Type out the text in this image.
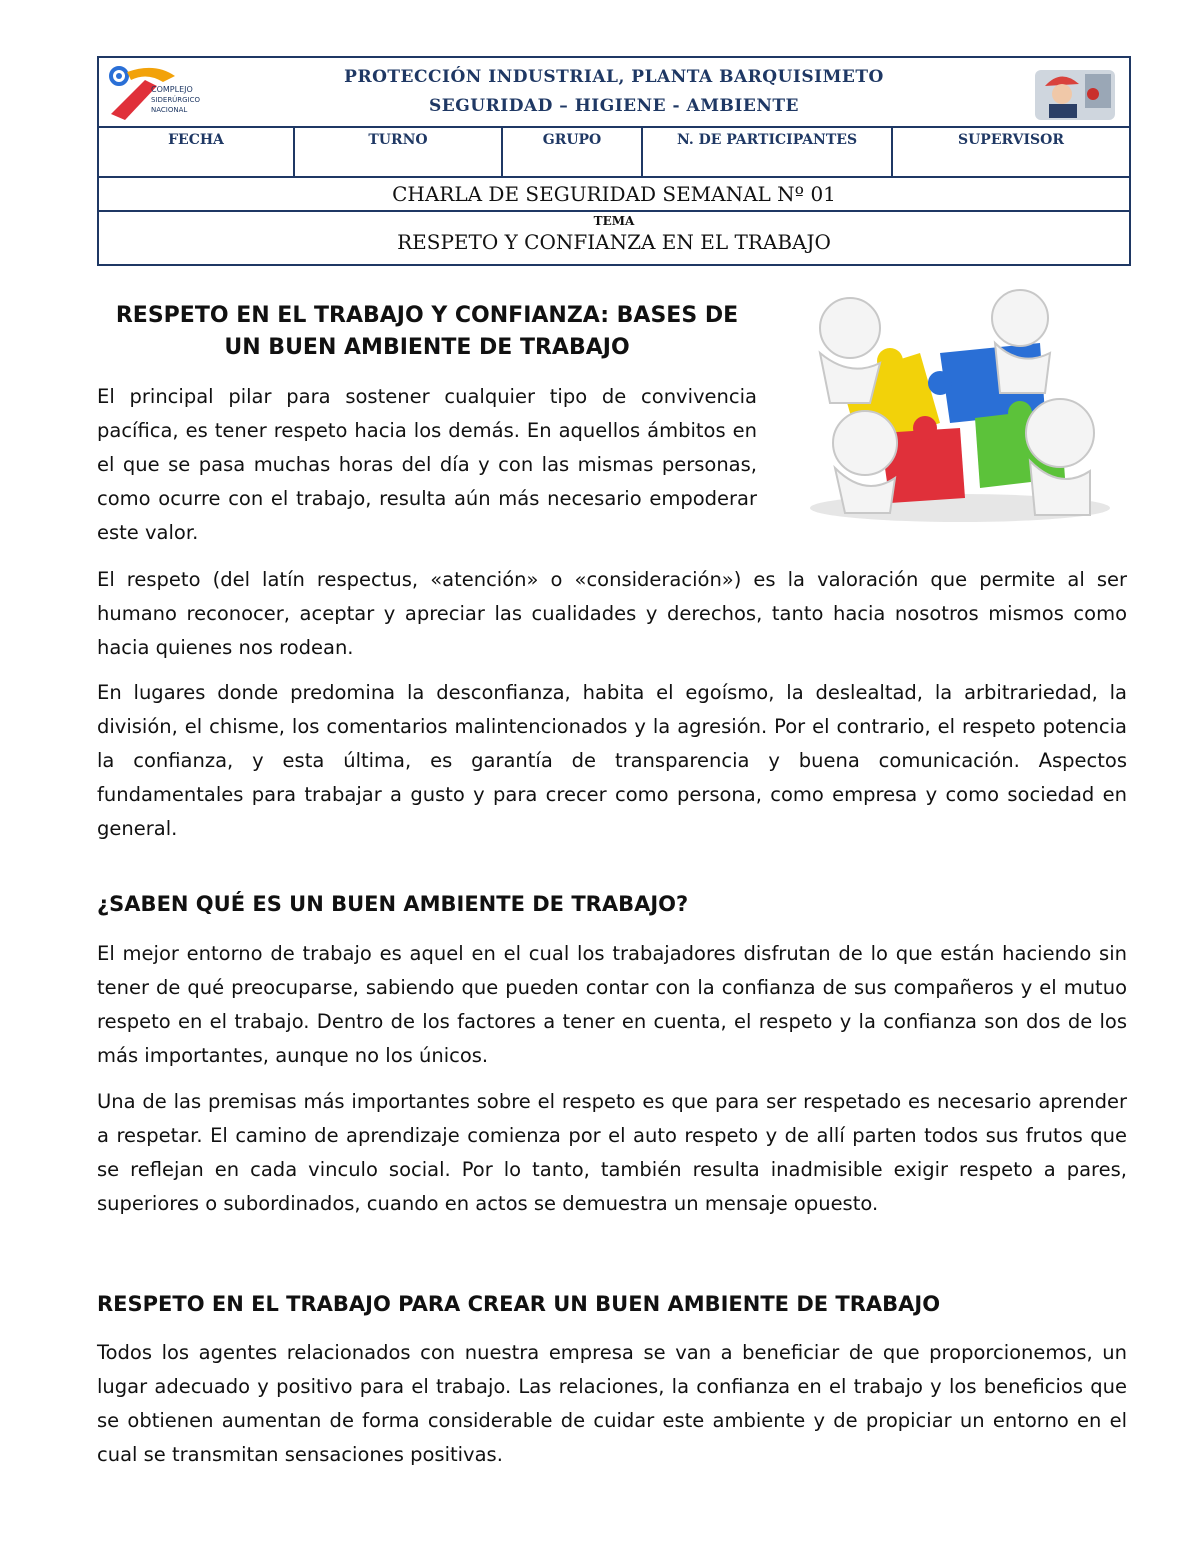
COMPLEJO
SIDERÚRGICO
NACIONAL
PROTECCIÓN INDUSTRIAL, PLANTA BARQUISIMETO
SEGURIDAD – HIGIENE - AMBIENTE
FECHA	TURNO	GRUPO	N. DE PARTICIPANTES	SUPERVISOR
CHARLA DE SEGURIDAD SEMANAL Nº 01
TEMA
RESPETO Y CONFIANZA EN EL TRABAJO
RESPETO EN EL TRABAJO Y CONFIANZA: BASES DE UN BUEN AMBIENTE DE TRABAJO
El principal pilar para sostener cualquier tipo de convivencia pacífica, es tener respeto hacia los demás. En aquellos ámbitos en el que se pasa muchas horas del día y con las mismas personas, como ocurre con el trabajo, resulta aún más necesario empoderar este valor.
El respeto (del latín respectus, «atención» o «consideración») es la valoración que permite al ser humano reconocer, aceptar y apreciar las cualidades y derechos, tanto hacia nosotros mismos como hacia quienes nos rodean.
En lugares donde predomina la desconfianza, habita el egoísmo, la deslealtad, la arbitrariedad, la división, el chisme, los comentarios malintencionados y la agresión. Por el contrario, el respeto potencia la confianza, y esta última, es garantía de transparencia y buena comunicación. Aspectos fundamentales para trabajar a gusto y para crecer como persona, como empresa y como sociedad en general.
¿SABEN QUÉ ES UN BUEN AMBIENTE DE TRABAJO?
El mejor entorno de trabajo es aquel en el cual los trabajadores disfrutan de lo que están haciendo sin tener de qué preocuparse, sabiendo que pueden contar con la confianza de sus compañeros y el mutuo respeto en el trabajo. Dentro de los factores a tener en cuenta, el respeto y la confianza son dos de los más importantes, aunque no los únicos.
Una de las premisas más importantes sobre el respeto es que para ser respetado es necesario aprender a respetar. El camino de aprendizaje comienza por el auto respeto y de allí parten todos sus frutos que se reflejan en cada vinculo social. Por lo tanto, también resulta inadmisible exigir respeto a pares, superiores o subordinados, cuando en actos se demuestra un mensaje opuesto.
RESPETO EN EL TRABAJO PARA CREAR UN BUEN AMBIENTE DE TRABAJO
Todos los agentes relacionados con nuestra empresa se van a beneficiar de que proporcionemos, un lugar adecuado y positivo para el trabajo. Las relaciones, la confianza en el trabajo y los beneficios que se obtienen aumentan de forma considerable de cuidar este ambiente y de propiciar un entorno en el cual se transmitan sensaciones positivas.
